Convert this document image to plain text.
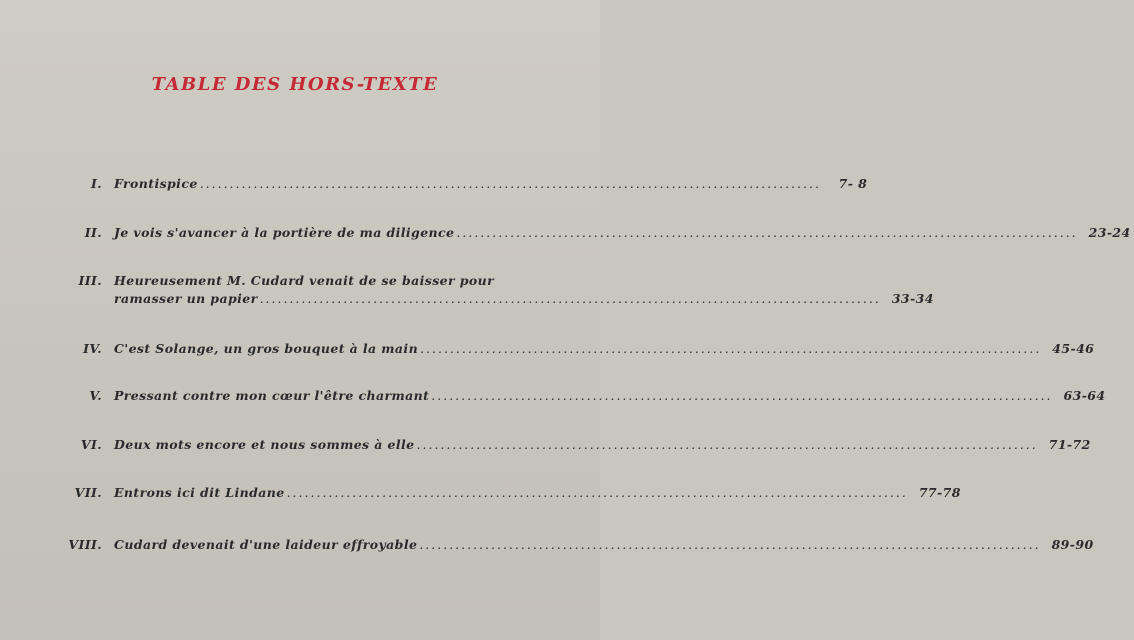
TABLE DES HORS-TEXTE
I. Frontispice ........................................................................................................	7- 8
II. Je vois s'avancer à la portière de ma diligence ........................................................................................................ 23-24
III. Heureusement M. Cudard venait de se baisser pour
ramasser un papier ........................................................................................................ 33-34
IV. C'est Solange, un gros bouquet à la main ........................................................................................................ 45-46
V. Pressant contre mon cœur l'être charmant ........................................................................................................ 63-64
VI. Deux mots encore et nous sommes à elle ........................................................................................................ 71-72
VII. Entrons ici dit Lindane ........................................................................................................ 77-78
VIII. Cudard devenait d'une laideur effroyable ........................................................................................................ 89-90
